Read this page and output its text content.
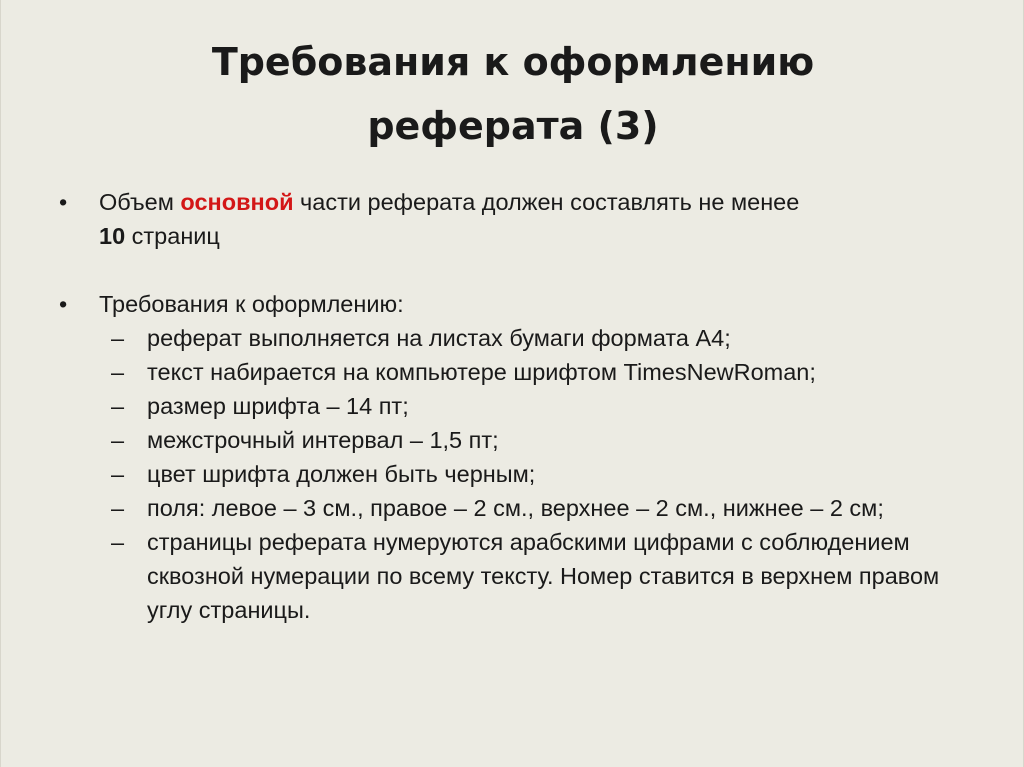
Требования к оформлению
реферата (3)
•	Объем основной части реферата должен составлять не менее
10 страниц
•	Требования к оформлению:
– реферат выполняется на листах бумаги формата А4;
– текст набирается на компьютере шрифтом TimesNewRoman;
– размер шрифта – 14 пт;
– межстрочный интервал – 1,5 пт;
– цвет шрифта должен быть черным;
– поля: левое – 3 см., правое – 2 см., верхнее – 2 см., нижнее – 2 см;
– страницы реферата нумеруются арабскими цифрами с соблюдением сквозной нумерации по всему тексту. Номер ставится в верхнем правом углу страницы.
